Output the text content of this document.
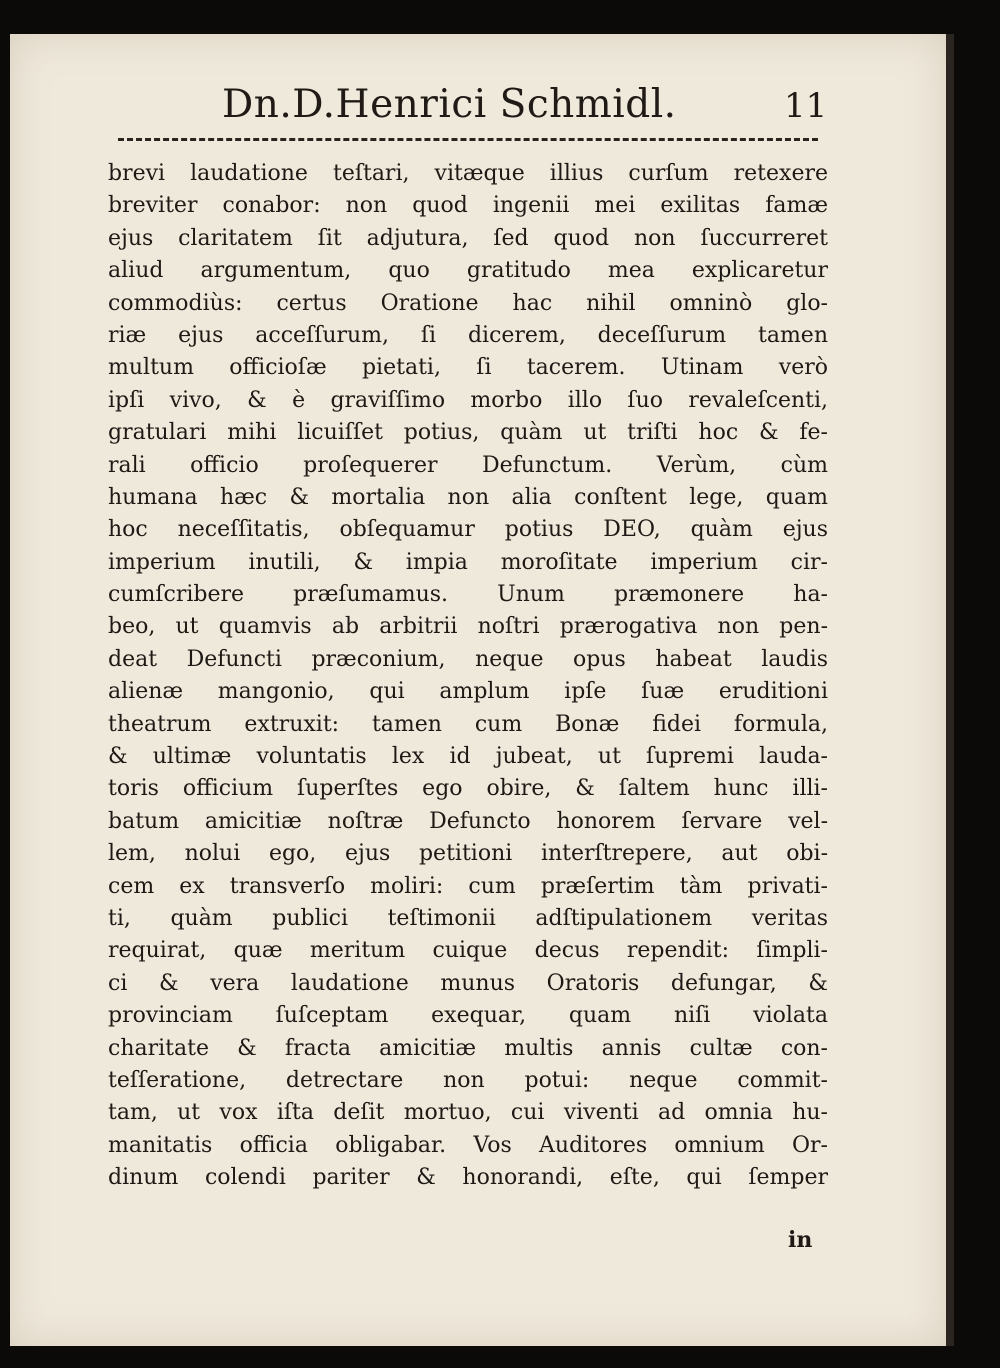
Dn.D.Henrici Schmidl.	11
brevi laudatione teſtari, vitæque illius curſum retexere
breviter conabor: non quod ingenii mei exilitas famæ
ejus claritatem ſit adjutura, ſed quod non ſuccurreret
aliud argumentum, quo gratitudo mea explicaretur
commodiùs: certus Oratione hac nihil omninò glo-
riæ ejus acceſſurum, ſi dicerem, deceſſurum tamen
multum officioſæ pietati, ſi tacerem. Utinam verò
ipſi vivo, & è graviſſimo morbo illo ſuo revaleſcenti,
gratulari mihi licuiſſet potius, quàm ut triſti hoc & fe-
rali officio proſequerer Defunctum. Verùm, cùm
humana hæc & mortalia non alia conſtent lege, quam
hoc neceſſitatis, obſequamur potius DEO, quàm ejus
imperium inutili, & impia moroſitate imperium cir-
cumſcribere præſumamus. Unum præmonere ha-
beo, ut quamvis ab arbitrii noſtri prærogativa non pen-
deat Defuncti præconium, neque opus habeat laudis
alienæ mangonio, qui amplum ipſe ſuæ eruditioni
theatrum extruxit: tamen cum Bonæ fidei formula,
& ultimæ voluntatis lex id jubeat, ut ſupremi lauda-
toris officium ſuperſtes ego obire, & ſaltem hunc illi-
batum amicitiæ noſtræ Defuncto honorem ſervare vel-
lem, nolui ego, ejus petitioni interſtrepere, aut obi-
cem ex transverſo moliri: cum præſertim tàm privati-
ti, quàm publici teſtimonii adſtipulationem veritas
requirat, quæ meritum cuique decus rependit: ſimpli-
ci & vera laudatione munus Oratoris defungar, &
provinciam ſuſceptam exequar, quam niſi violata
charitate & fracta amicitiæ multis annis cultæ con-
teſſeratione, detrectare non potui: neque commit-
tam, ut vox iſta deſit mortuo, cui viventi ad omnia hu-
manitatis officia obligabar. Vos Auditores omnium Or-
dinum colendi pariter & honorandi, eſte, qui ſemper
in
